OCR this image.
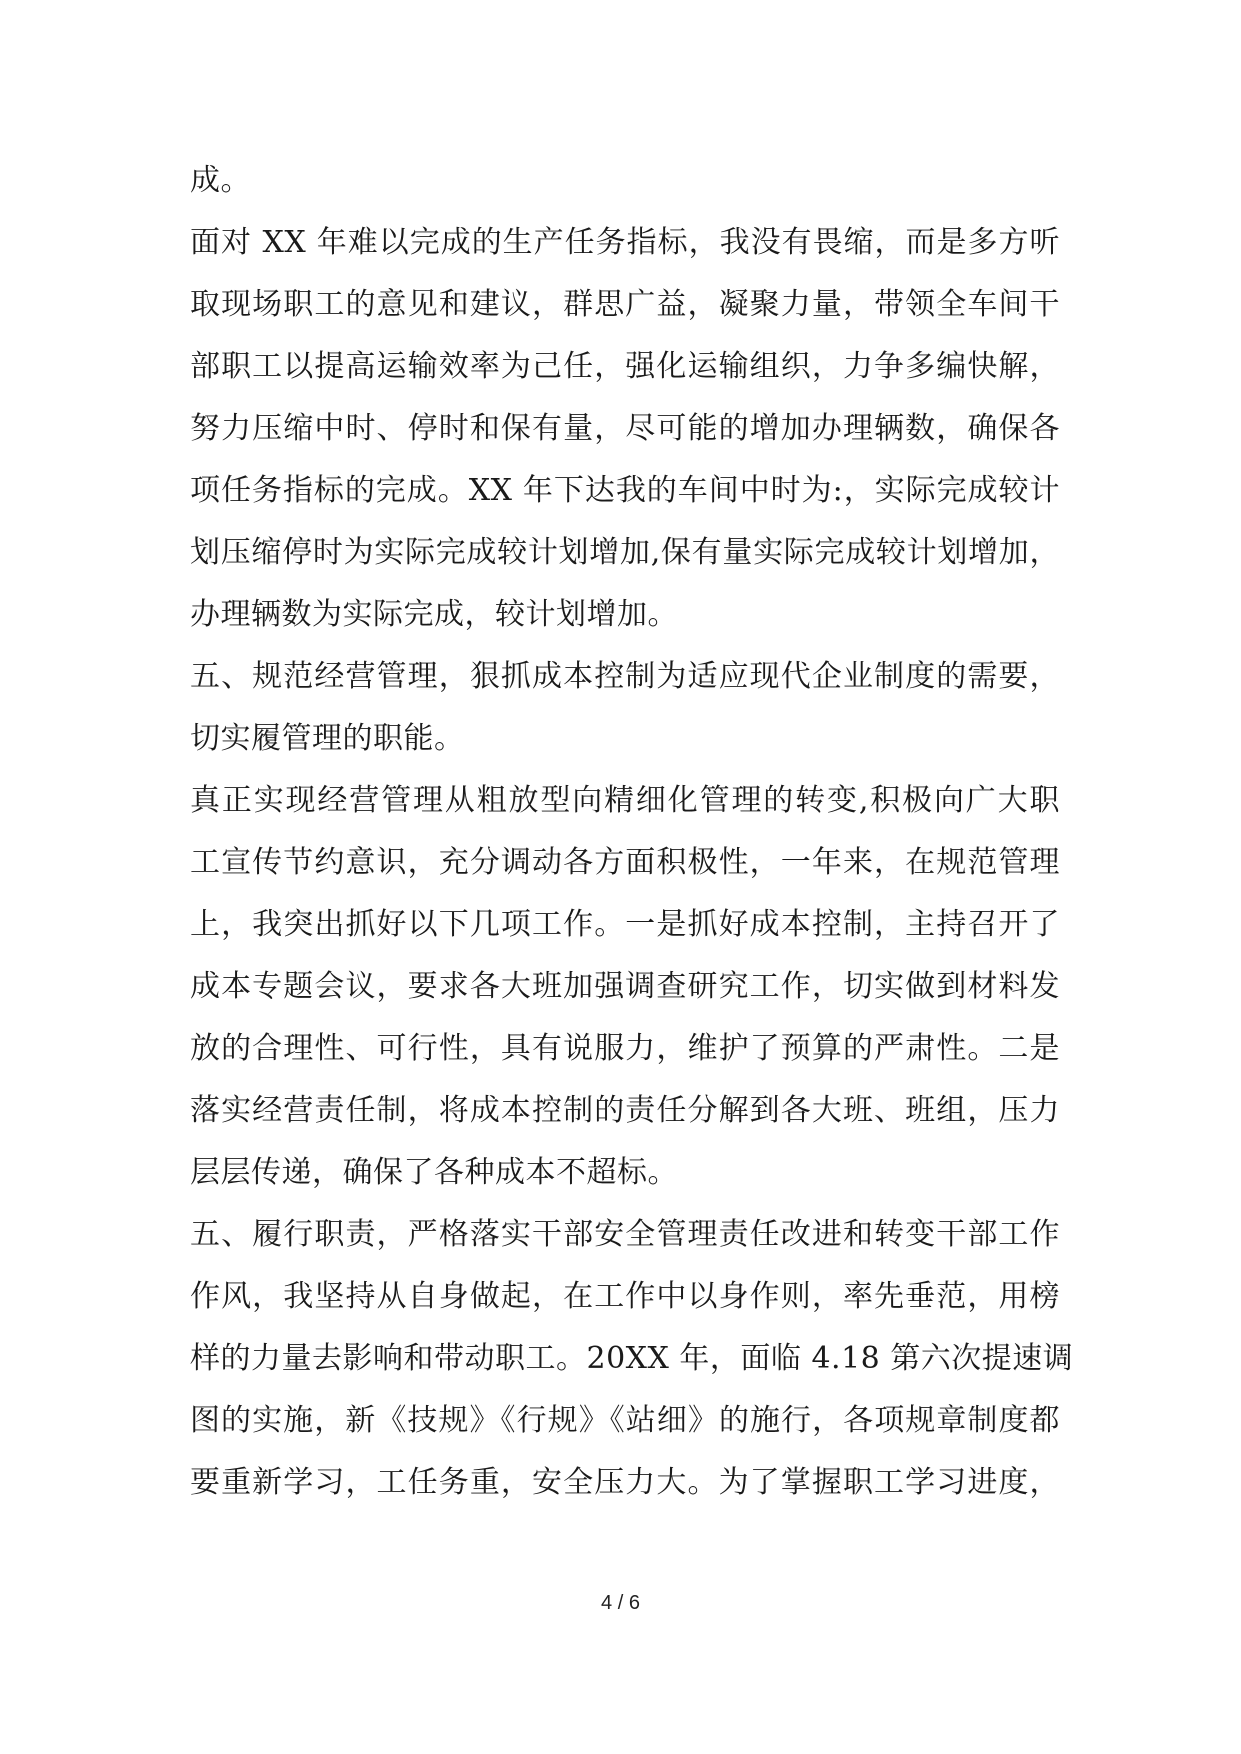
成。
面对 XX 年难以完成的生产任务指标，我没有畏缩，而是多方听
取现场职工的意见和建议，群思广益，凝聚力量，带领全车间干
部职工以提高运输效率为己任，强化运输组织，力争多编快解，
努力压缩中时、停时和保有量，尽可能的增加办理辆数，确保各
项任务指标的完成。XX 年下达我的车间中时为:，实际完成较计
划压缩停时为实际完成较计划增加,保有量实际完成较计划增加，
办理辆数为实际完成，较计划增加。
五、规范经营管理，狠抓成本控制为适应现代企业制度的需要，
切实履管理的职能。
真正实现经营管理从粗放型向精细化管理的转变,积极向广大职
工宣传节约意识，充分调动各方面积极性，一年来，在规范管理
上，我突出抓好以下几项工作。一是抓好成本控制，主持召开了
成本专题会议，要求各大班加强调查研究工作，切实做到材料发
放的合理性、可行性，具有说服力，维护了预算的严肃性。二是
落实经营责任制，将成本控制的责任分解到各大班、班组，压力
层层传递，确保了各种成本不超标。
五、履行职责，严格落实干部安全管理责任改进和转变干部工作
作风，我坚持从自身做起，在工作中以身作则，率先垂范，用榜
样的力量去影响和带动职工。20XX 年，面临 4.18 第六次提速调
图的实施，新《技规》《行规》《站细》的施行，各项规章制度都
要重新学习，工任务重，安全压力大。为了掌握职工学习进度，
4 / 6
